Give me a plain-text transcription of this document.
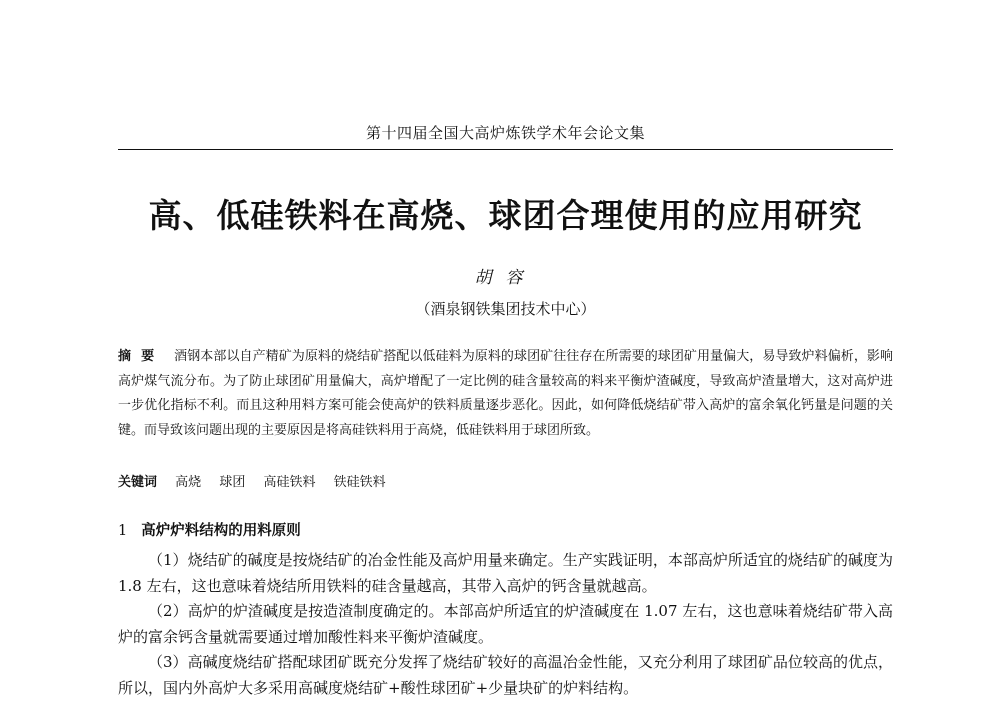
第十四届全国大高炉炼铁学术年会论文集
高、低硅铁料在高烧、球团合理使用的应用研究
胡容
（酒泉钢铁集团技术中心）
摘要 酒钢本部以自产精矿为原料的烧结矿搭配以低硅料为原料的球团矿往往存在所需要的球团矿用量偏大，易导致炉料偏析，影响高炉煤气流分布。为了防止球团矿用量偏大，高炉增配了一定比例的硅含量较高的料来平衡炉渣碱度，导致高炉渣量增大，这对高炉进一步优化指标不利。而且这种用料方案可能会使高炉的铁料质量逐步恶化。因此，如何降低烧结矿带入高炉的富余氧化钙量是问题的关键。而导致该问题出现的主要原因是将高硅铁料用于高烧，低硅铁料用于球团所致。
关键词 高烧 球团 高硅铁料 铁硅铁料
1 高炉炉料结构的用料原则

（1）烧结矿的碱度是按烧结矿的冶金性能及高炉用量来确定。生产实践证明，本部高炉所适宜的烧结矿的碱度为 1.8 左右，这也意味着烧结所用铁料的硅含量越高，其带入高炉的钙含量就越高。

（2）高炉的炉渣碱度是按造渣制度确定的。本部高炉所适宜的炉渣碱度在 1.07 左右，这也意味着烧结矿带入高炉的富余钙含量就需要通过增加酸性料来平衡炉渣碱度。

（3）高碱度烧结矿搭配球团矿既充分发挥了烧结矿较好的高温冶金性能，又充分利用了球团矿品位较高的优点，所以，国内外高炉大多采用高碱度烧结矿+酸性球团矿+少量块矿的炉料结构。
